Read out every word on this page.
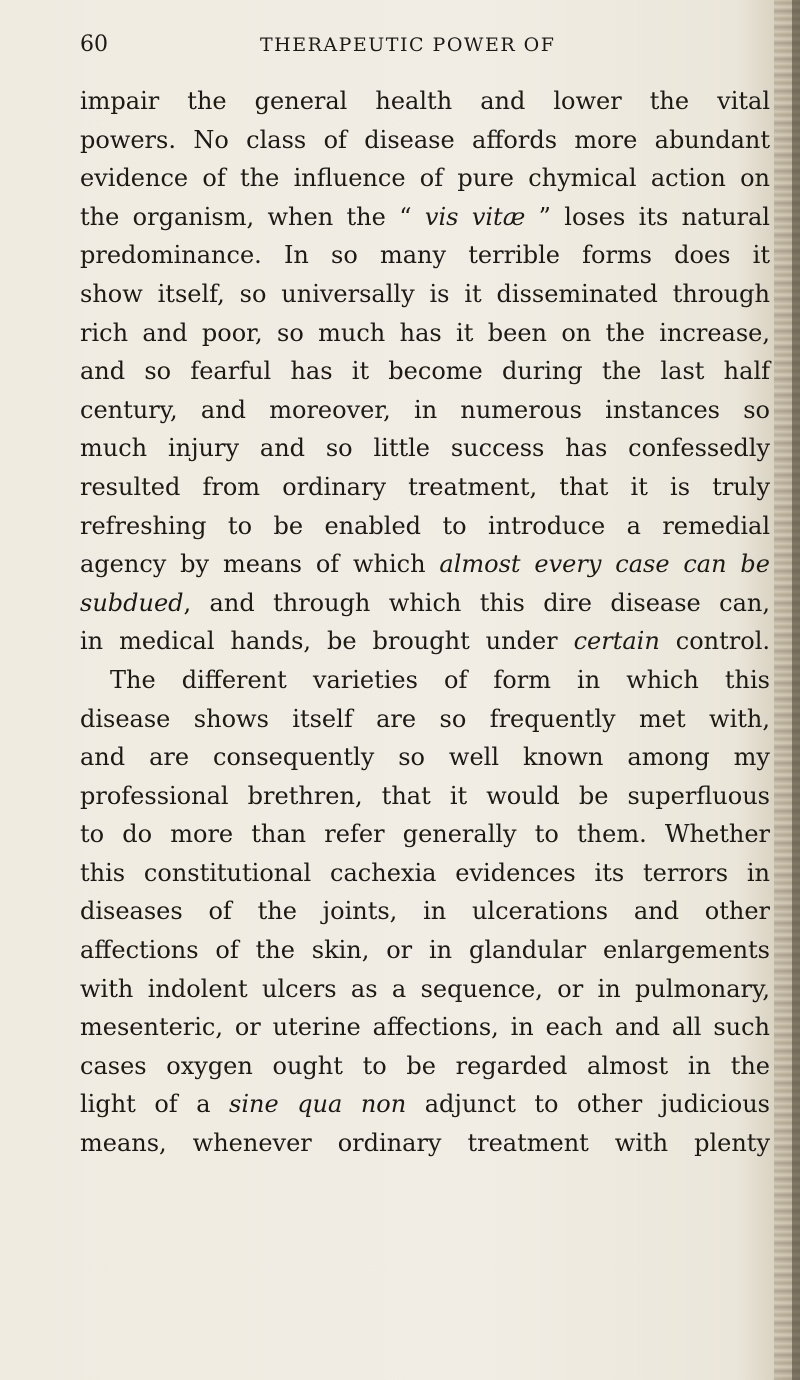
60	THERAPEUTIC POWER OF
impair the general health and lower the vital
powers. No class of disease affords more abundant
evidence of the influence of pure chymical action on
the organism, when the “ vis vitæ ” loses its natural
predominance. In so many terrible forms does it
show itself, so universally is it disseminated through
rich and poor, so much has it been on the increase,
and so fearful has it become during the last half
century, and moreover, in numerous instances so
much injury and so little success has confessedly
resulted from ordinary treatment, that it is truly
refreshing to be enabled to introduce a remedial
agency by means of which almost every case can be
subdued, and through which this dire disease can,
in medical hands, be brought under certain control.
The different varieties of form in which this
disease shows itself are so frequently met with,
and are consequently so well known among my
professional brethren, that it would be superfluous
to do more than refer generally to them. Whether
this constitutional cachexia evidences its terrors in
diseases of the joints, in ulcerations and other
affections of the skin, or in glandular enlargements
with indolent ulcers as a sequence, or in pulmonary,
mesenteric, or uterine affections, in each and all such
cases oxygen ought to be regarded almost in the
light of a sine qua non adjunct to other judicious
means, whenever ordinary treatment with plenty
